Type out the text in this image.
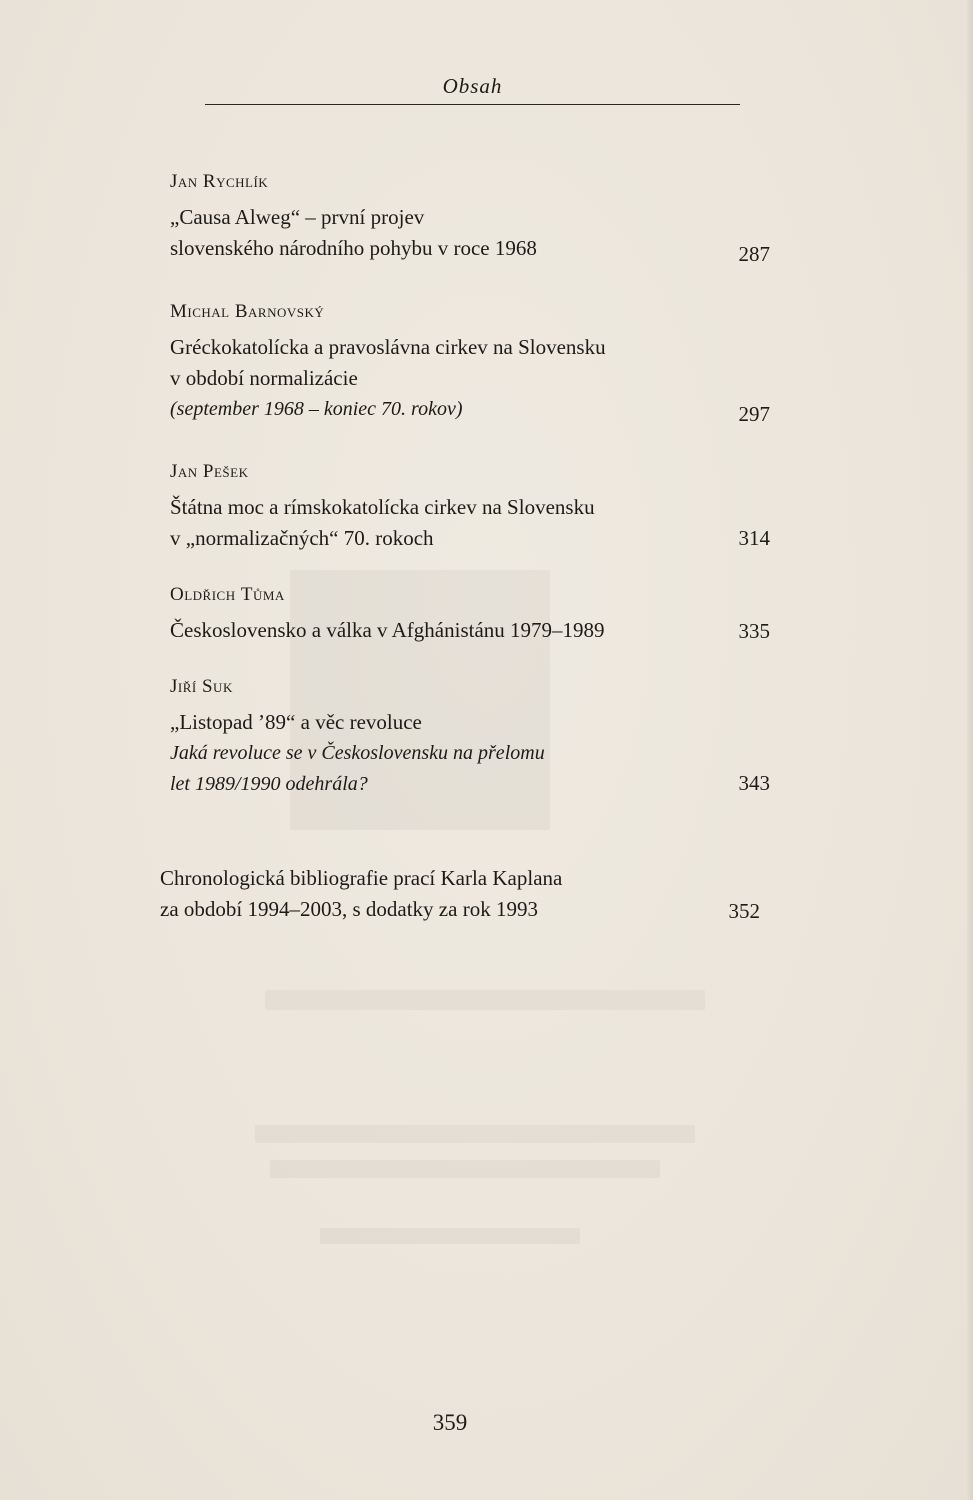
Obsah
Jan Rychlík
„Causa Alweg“ – první projev
slovenského národního pohybu v roce 1968	287
Michal Barnovský
Gréckokatolícka a pravoslávna cirkev na Slovensku
v období normalizácie
(september 1968 – koniec 70. rokov)	297
Jan Pešek
Štátna moc a rímskokatolícka cirkev na Slovensku
v „normalizačných“ 70. rokoch	314
Oldřich Tůma
Československo a válka v Afghánistánu 1979–1989	335
Jiří Suk
„Listopad ’89“ a věc revoluce
Jaká revoluce se v Československu na přelomu
let 1989/1990 odehrála?	343
Chronologická bibliografie prací Karla Kaplana
za období 1994–2003, s dodatky za rok 1993	352
359
